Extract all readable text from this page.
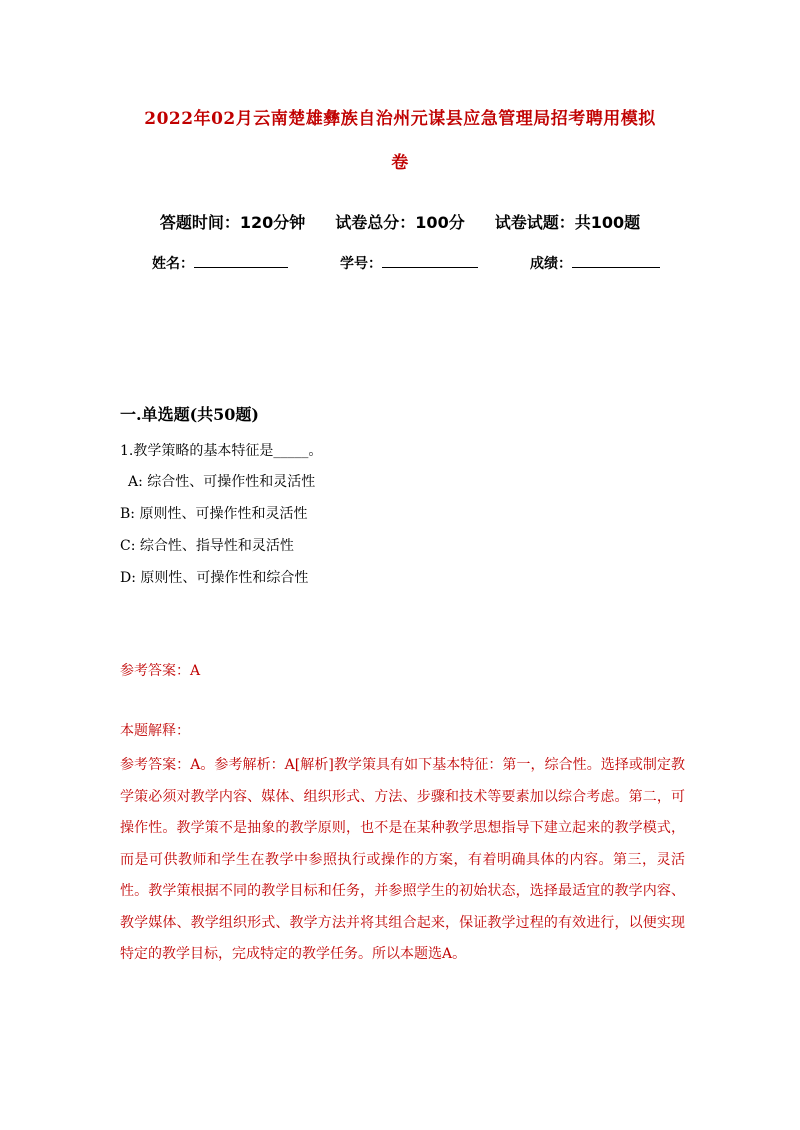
2022年02月云南楚雄彝族自治州元谋县应急管理局招考聘用模拟
卷
答题时间：120分钟 试卷总分：100分 试卷试题：共100题
姓名：	学号：	成绩：
一.单选题(共50题)

1.教学策略的基本特征是_____。

A: 综合性、可操作性和灵活性

B: 原则性、可操作性和灵活性

C: 综合性、指导性和灵活性

D: 原则性、可操作性和综合性

参考答案：A

本题解释：

参考答案：A。参考解析：A[解析]教学策具有如下基本特征：第一，综合性。选择或制定教学策必须对教学内容、媒体、组织形式、方法、步骤和技术等要素加以综合考虑。第二，可操作性。教学策不是抽象的教学原则，也不是在某种教学思想指导下建立起来的教学模式，而是可供教师和学生在教学中参照执行或操作的方案，有着明确具体的内容。第三，灵活性。教学策根据不同的教学目标和任务，并参照学生的初始状态，选择最适宜的教学内容、教学媒体、教学组织形式、教学方法并将其组合起来，保证教学过程的有效进行，以便实现特定的教学目标，完成特定的教学任务。所以本题选A。
